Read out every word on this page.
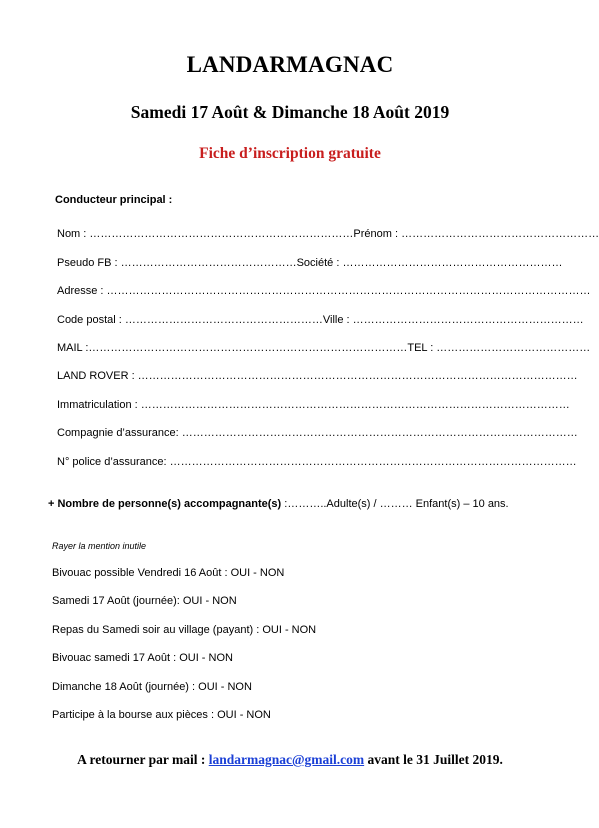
LANDARMAGNAC
Samedi 17 Août & Dimanche 18 Août 2019
Fiche d’inscription gratuite
Conducteur principal :
Nom : ………………………………………………………………Prénom : ………………………………………………
Pseudo FB : …………………………………………Société : ……………………………………………………
Adresse : ……………………………………………………………………………………………………………………
Code postal : ………………………………………………Ville : ………………………………………………………
MAIL :……………………………………………………………………………TEL : ……………………………………
LAND ROVER : …………………………………………………………………………………………………………
Immatriculation : ………………………………………………………………………………………………………
Compagnie d’assurance: ………………………………………………………………………………………………
N° police d’assurance: …………………………………………………………………………………………………
+ Nombre de personne(s) accompagnante(s) :………..Adulte(s) / ……… Enfant(s) – 10 ans.
Rayer la mention inutile
Bivouac possible Vendredi 16 Août : OUI - NON
Samedi 17 Août (journée): OUI - NON
Repas du Samedi soir au village (payant) : OUI - NON
Bivouac samedi 17 Août : OUI - NON
Dimanche 18 Août (journée) : OUI - NON
Participe à la bourse aux pièces : OUI - NON
A retourner par mail : landarmagnac@gmail.com avant le 31 Juillet 2019.
